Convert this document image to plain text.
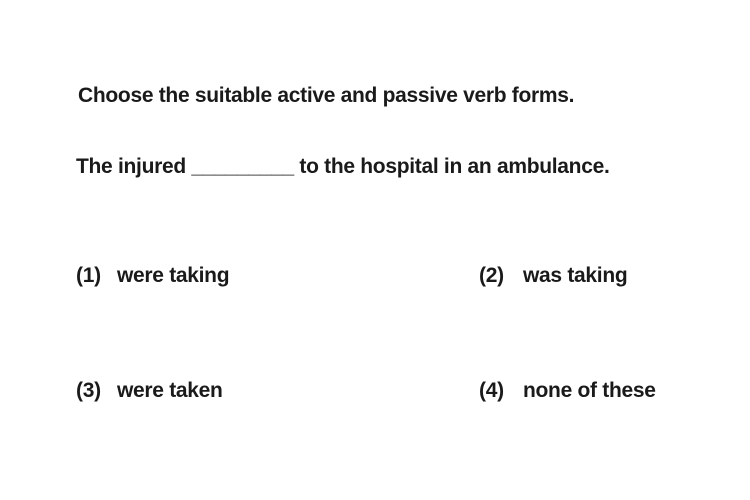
Choose the suitable active and passive verb forms.
The injured _________ to the hospital in an ambulance.
(1) were taking	(2) was taking
(3) were taken	(4) none of these
